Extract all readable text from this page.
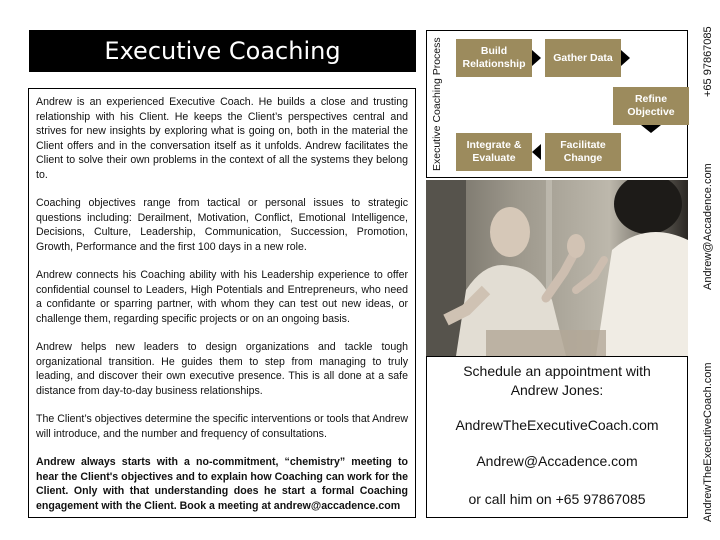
Executive Coaching

Andrew is an experienced Executive Coach. He builds a close and trusting relationship with his Client. He keeps the Client’s perspectives central and strives for new insights by exploring what is going on, both in the material the Client offers and in the conversation itself as it unfolds. Andrew facilitates the Client to solve their own problems in the context of all the systems they belong to.

Coaching objectives range from tactical or personal issues to strategic questions including: Derailment, Motivation, Conflict, Emotional Intelligence, Decisions, Culture, Leadership, Communication, Succession, Promotion, Growth, Performance and the first 100 days in a new role.

Andrew connects his Coaching ability with his Leadership experience to offer confidential counsel to Leaders, High Potentials and Entrepreneurs, who need a confidante or sparring partner, with whom they can test out new ideas, or challenge them, regarding specific projects or on an ongoing basis.

Andrew helps new leaders to design organizations and tackle tough organizational transition. He guides them to step from managing to truly leading, and discover their own executive presence. This is all done at a safe distance from day-to-day business relationships.

The Client’s objectives determine the specific interventions or tools that Andrew will introduce, and the number and frequency of consultations.

Andrew always starts with a no-commitment, “chemistry” meeting to hear the Client's objectives and to explain how Coaching can work for the Client. Only with that understanding does he start a formal Coaching engagement with the Client. Book a meeting at andrew@accadence.com

Executive Coaching Process	Build Relationship
Gather Data
Refine Objective
Facilitate Change
Integrate & Evaluate
Schedule an appointment with
Andrew Jones:
AndrewTheExecutiveCoach.com
Andrew@Accadence.com
or call him on +65 97867085
+65 97867085
Andrew@Accadence.com
AndrewTheExecutiveCoach.com
